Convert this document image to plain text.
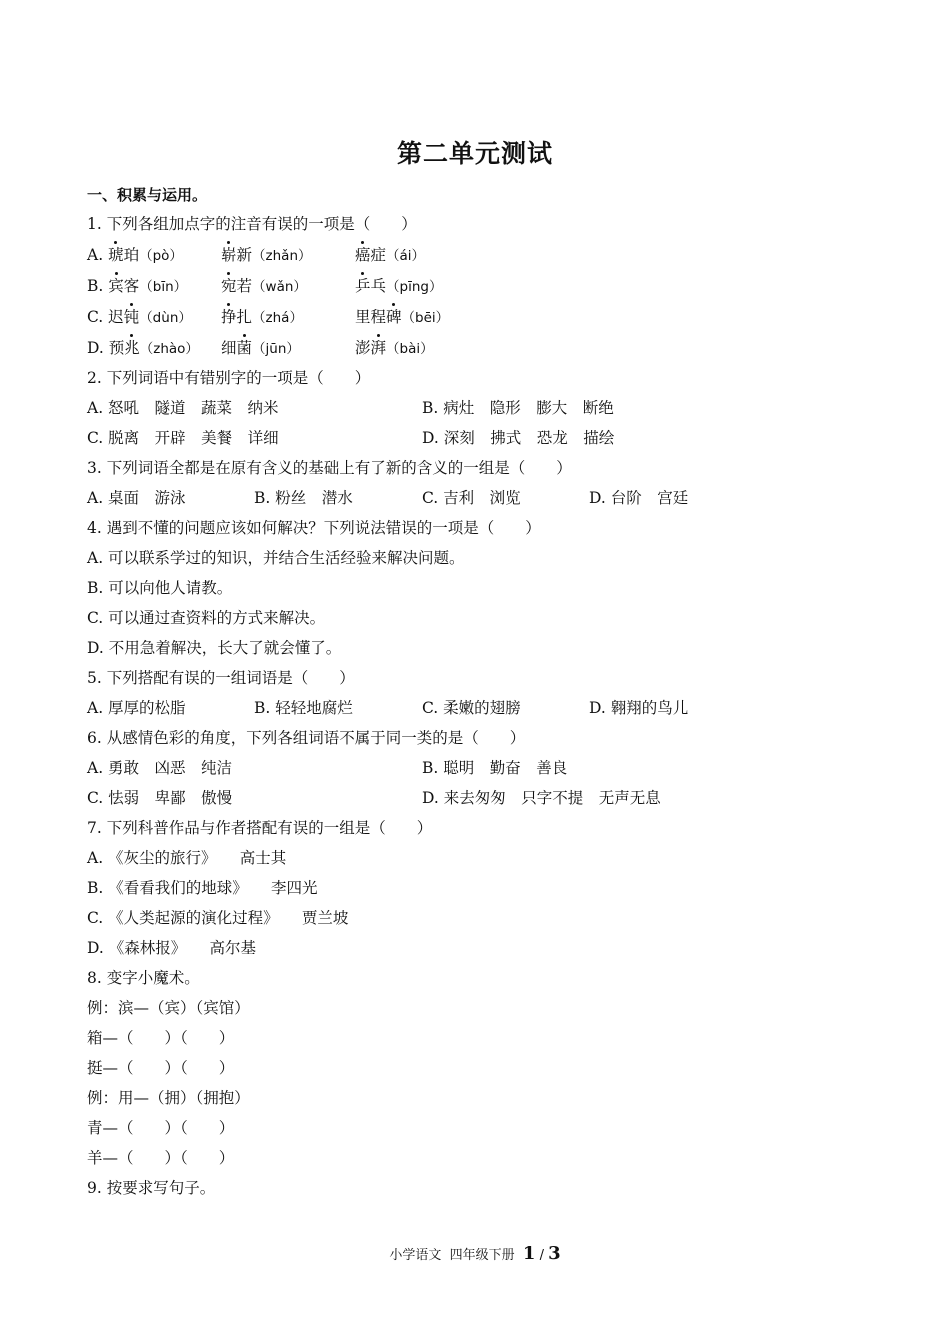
第二单元测试
一、积累与运用。
1. 下列各组加点字的注音有误的一项是（　　）
A. 琥珀（pò） 崭新（zhǎn）	癌症（ái）
B. 宾客（bīn） 宛若（wǎn）	乒乓（pīng）
C. 迟钝（dùn） 挣扎（zhá）	里程碑（bēi）
D. 预兆（zhào） 细菌（jūn）	澎湃（bài）
2. 下列词语中有错别字的一项是（　　）
A. 怒吼　隧道　蔬菜　纳米	B. 病灶　隐形　膨大　断绝
C. 脱离　开辟　美餐　详细	D. 深刻　拂式　恐龙　描绘
3. 下列词语全都是在原有含义的基础上有了新的含义的一组是（　　）
A. 桌面　游泳	B. 粉丝　潜水	C. 吉利　浏览	D. 台阶　宫廷
4. 遇到不懂的问题应该如何解决？下列说法错误的一项是（　　）
A. 可以联系学过的知识，并结合生活经验来解决问题。
B. 可以向他人请教。
C. 可以通过查资料的方式来解决。
D. 不用急着解决，长大了就会懂了。
5. 下列搭配有误的一组词语是（　　）
A. 厚厚的松脂	B. 轻轻地腐烂	C. 柔嫩的翅膀	D. 翱翔的鸟儿
6. 从感情色彩的角度，下列各组词语不属于同一类的是（　　）
A. 勇敢　凶恶　纯洁	B. 聪明　勤奋　善良
C. 怯弱　卑鄙　傲慢	D. 来去匆匆　只字不提　无声无息
7. 下列科普作品与作者搭配有误的一组是（　　）
A. 《灰尘的旅行》　　高士其
B. 《看看我们的地球》　　李四光
C. 《人类起源的演化过程》　　贾兰坡
D. 《森林报》　　高尔基
8. 变字小魔术。
例：滨—（宾）（宾馆）
箱—（　　）（　　）
挺—（　　）（　　）
例：用—（拥）（拥抱）
青—（　　）（　　）
羊—（　　）（　　）
9. 按要求写句子。
小学语文 四年级下册 1 / 3
